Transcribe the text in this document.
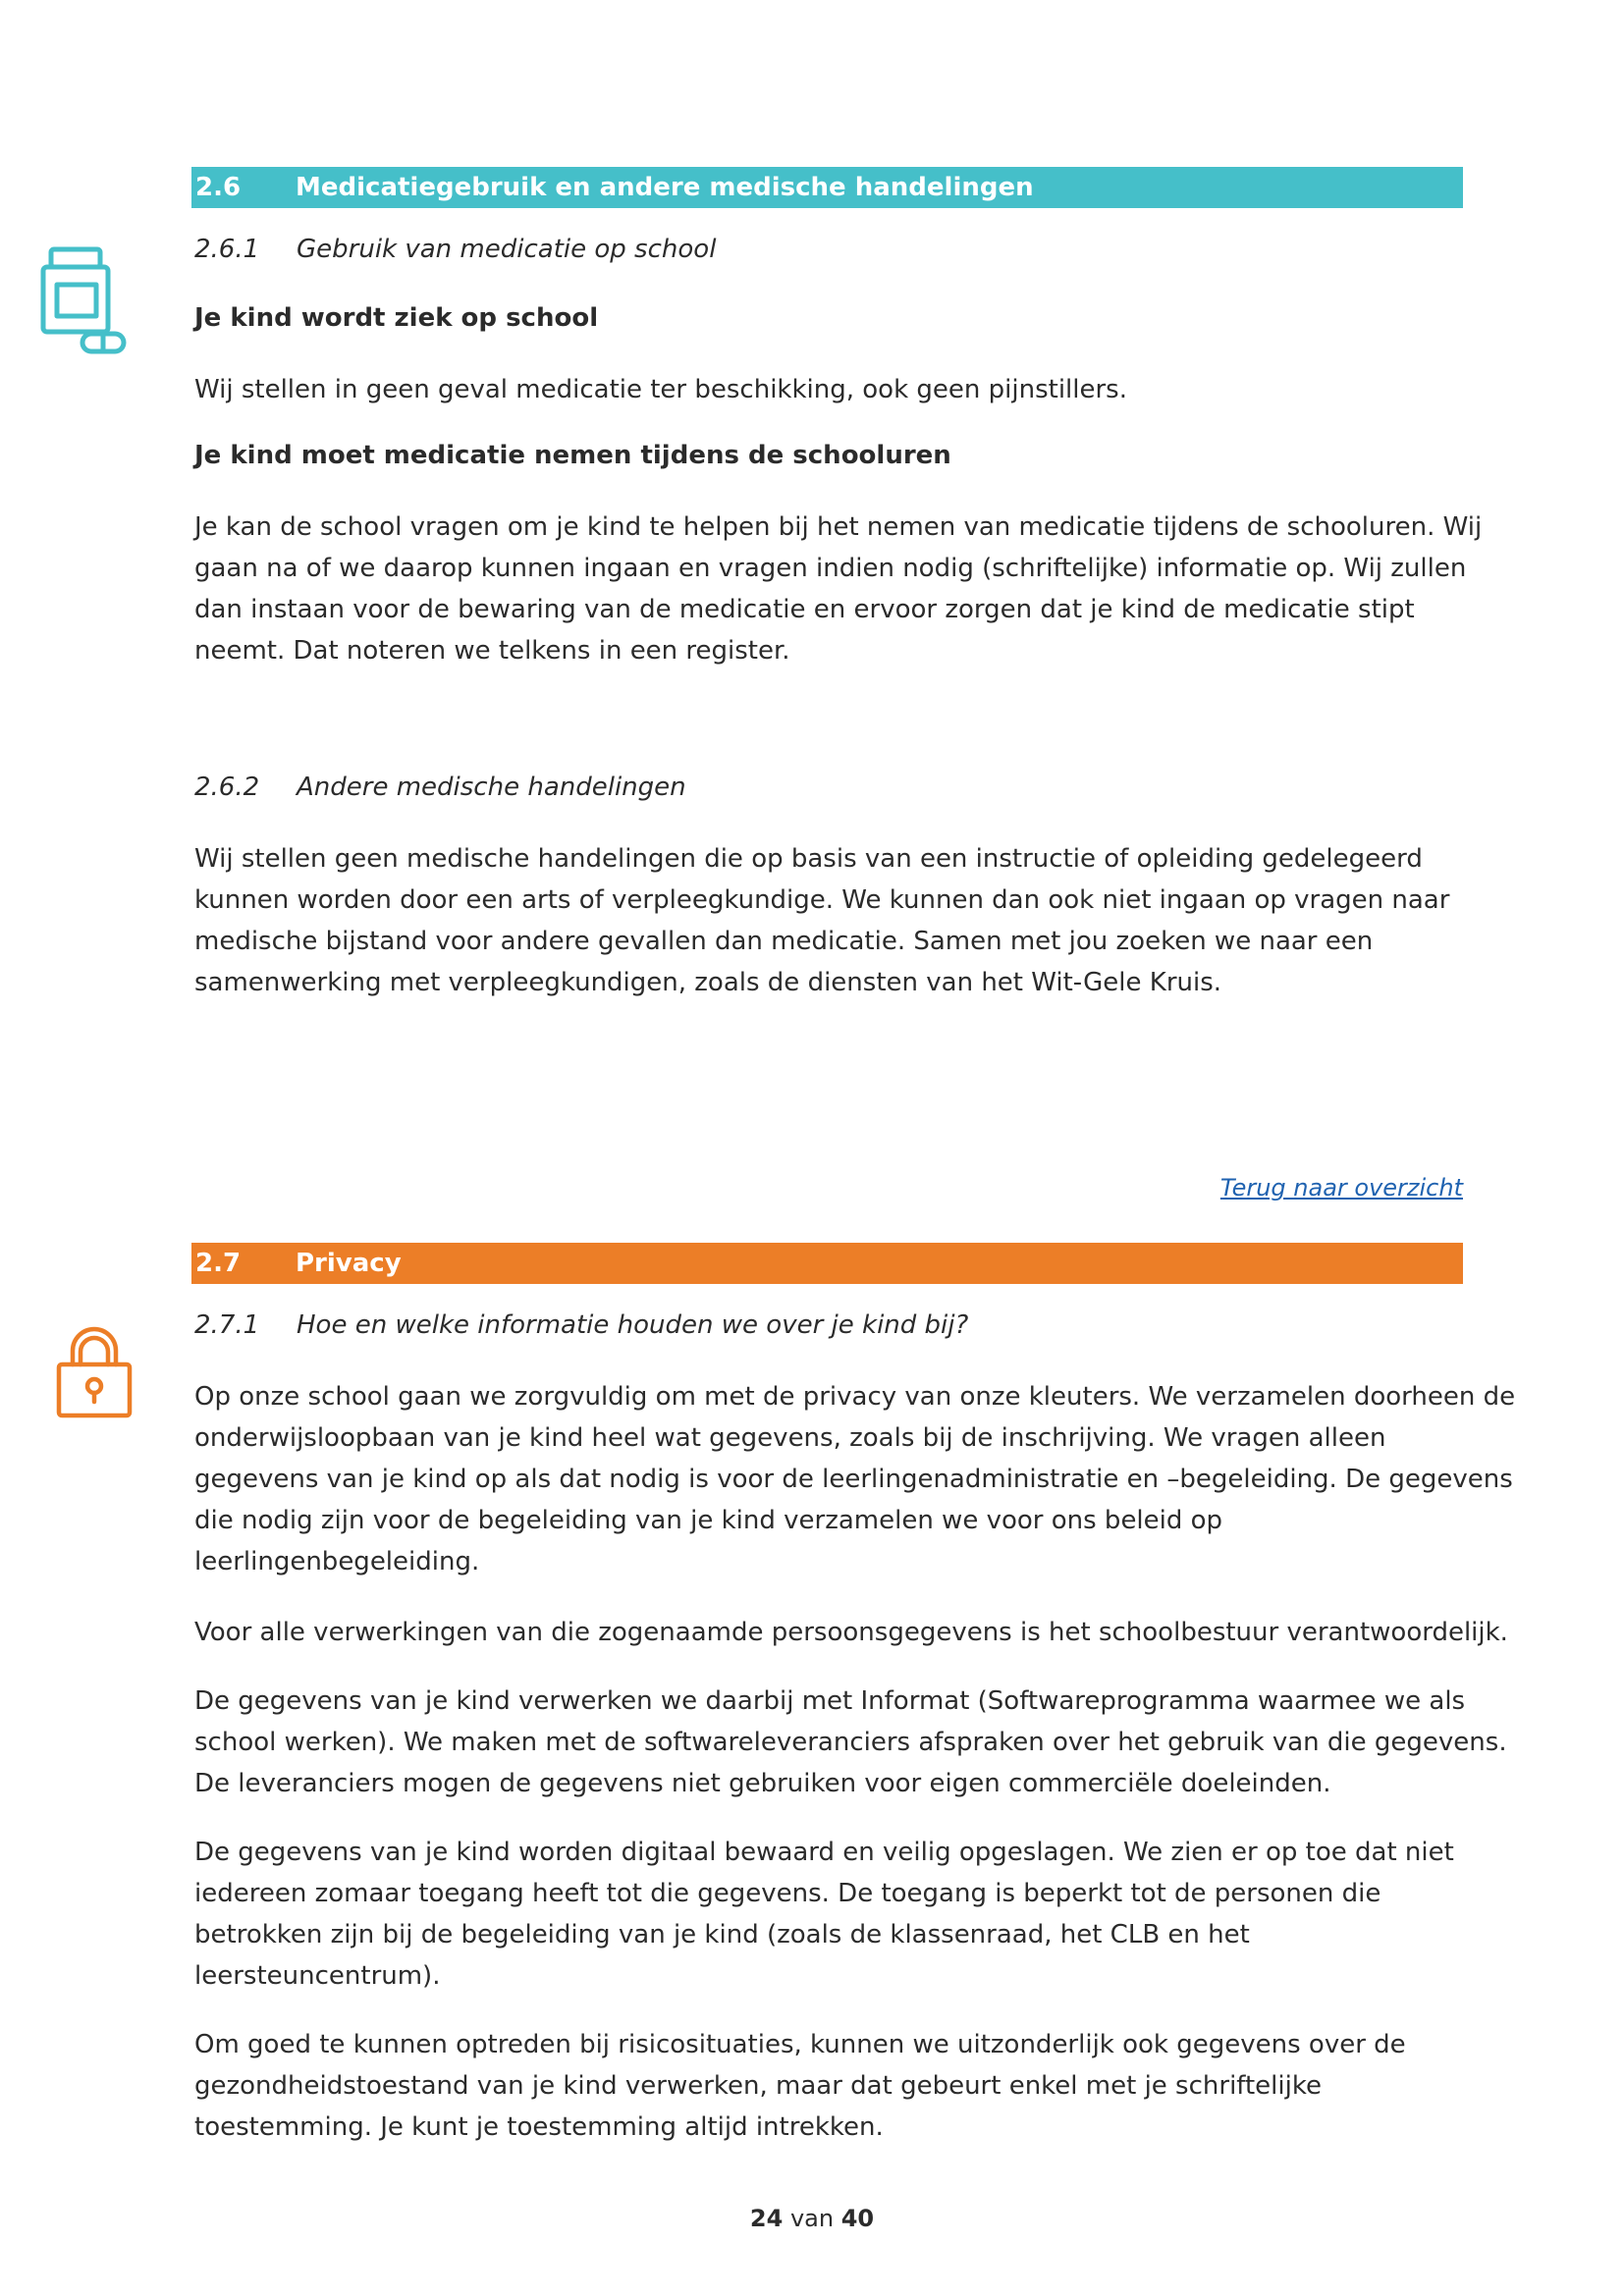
2.6 Medicatiegebruik en andere medische handelingen
2.6.1 Gebruik van medicatie op school
Je kind wordt ziek op school
Wij stellen in geen geval medicatie ter beschikking, ook geen pijnstillers.
Je kind moet medicatie nemen tijdens de schooluren
Je kan de school vragen om je kind te helpen bij het nemen van medicatie tijdens de schooluren. Wij
gaan na of we daarop kunnen ingaan en vragen indien nodig (schriftelijke) informatie op. Wij zullen
dan instaan voor de bewaring van de medicatie en ervoor zorgen dat je kind de medicatie stipt
neemt. Dat noteren we telkens in een register.
2.6.2 Andere medische handelingen
Wij stellen geen medische handelingen die op basis van een instructie of opleiding gedelegeerd
kunnen worden door een arts of verpleegkundige. We kunnen dan ook niet ingaan op vragen naar
medische bijstand voor andere gevallen dan medicatie. Samen met jou zoeken we naar een
samenwerking met verpleegkundigen, zoals de diensten van het Wit-Gele Kruis.
Terug naar overzicht
2.7 Privacy
2.7.1 Hoe en welke informatie houden we over je kind bij?
Op onze school gaan we zorgvuldig om met de privacy van onze kleuters. We verzamelen doorheen de
onderwijsloopbaan van je kind heel wat gegevens, zoals bij de inschrijving. We vragen alleen
gegevens van je kind op als dat nodig is voor de leerlingenadministratie en –begeleiding. De gegevens
die nodig zijn voor de begeleiding van je kind verzamelen we voor ons beleid op
leerlingenbegeleiding.
Voor alle verwerkingen van die zogenaamde persoonsgegevens is het schoolbestuur verantwoordelijk.
De gegevens van je kind verwerken we daarbij met Informat (Softwareprogramma waarmee we als
school werken). We maken met de softwareleveranciers afspraken over het gebruik van die gegevens.
De leveranciers mogen de gegevens niet gebruiken voor eigen commerciële doeleinden.
De gegevens van je kind worden digitaal bewaard en veilig opgeslagen. We zien er op toe dat niet
iedereen zomaar toegang heeft tot die gegevens. De toegang is beperkt tot de personen die
betrokken zijn bij de begeleiding van je kind (zoals de klassenraad, het CLB en het
leersteuncentrum).
Om goed te kunnen optreden bij risicosituaties, kunnen we uitzonderlijk ook gegevens over de
gezondheidstoestand van je kind verwerken, maar dat gebeurt enkel met je schriftelijke
toestemming. Je kunt je toestemming altijd intrekken.
24 van 40
